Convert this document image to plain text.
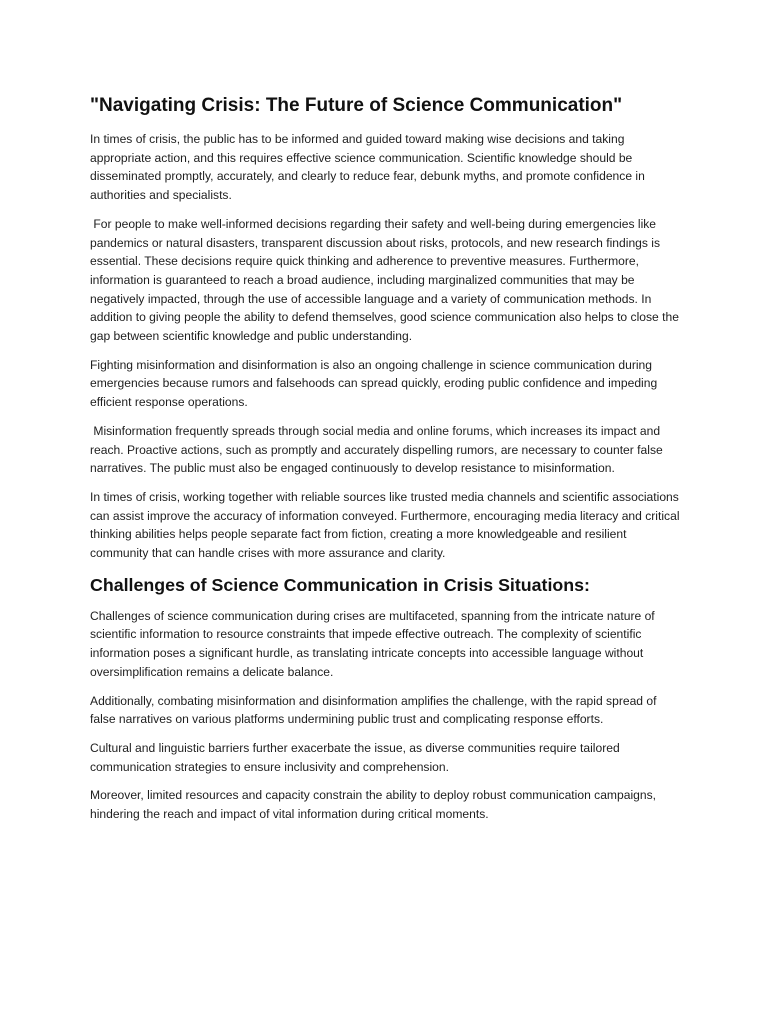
"Navigating Crisis: The Future of Science Communication"

In times of crisis, the public has to be informed and guided toward making wise decisions and taking appropriate action, and this requires effective science communication. Scientific knowledge should be disseminated promptly, accurately, and clearly to reduce fear, debunk myths, and promote confidence in authorities and specialists.

For people to make well-informed decisions regarding their safety and well-being during emergencies like pandemics or natural disasters, transparent discussion about risks, protocols, and new research findings is essential. These decisions require quick thinking and adherence to preventive measures. Furthermore, information is guaranteed to reach a broad audience, including marginalized communities that may be negatively impacted, through the use of accessible language and a variety of communication methods. In addition to giving people the ability to defend themselves, good science communication also helps to close the gap between scientific knowledge and public understanding.

Fighting misinformation and disinformation is also an ongoing challenge in science communication during emergencies because rumors and falsehoods can spread quickly, eroding public confidence and impeding efficient response operations.

Misinformation frequently spreads through social media and online forums, which increases its impact and reach. Proactive actions, such as promptly and accurately dispelling rumors, are necessary to counter false narratives. The public must also be engaged continuously to develop resistance to misinformation.

In times of crisis, working together with reliable sources like trusted media channels and scientific associations can assist improve the accuracy of information conveyed. Furthermore, encouraging media literacy and critical thinking abilities helps people separate fact from fiction, creating a more knowledgeable and resilient community that can handle crises with more assurance and clarity.

Challenges of Science Communication in Crisis Situations:

Challenges of science communication during crises are multifaceted, spanning from the intricate nature of scientific information to resource constraints that impede effective outreach. The complexity of scientific information poses a significant hurdle, as translating intricate concepts into accessible language without oversimplification remains a delicate balance.

Additionally, combating misinformation and disinformation amplifies the challenge, with the rapid spread of false narratives on various platforms undermining public trust and complicating response efforts.

Cultural and linguistic barriers further exacerbate the issue, as diverse communities require tailored communication strategies to ensure inclusivity and comprehension.

Moreover, limited resources and capacity constrain the ability to deploy robust communication campaigns, hindering the reach and impact of vital information during critical moments.
